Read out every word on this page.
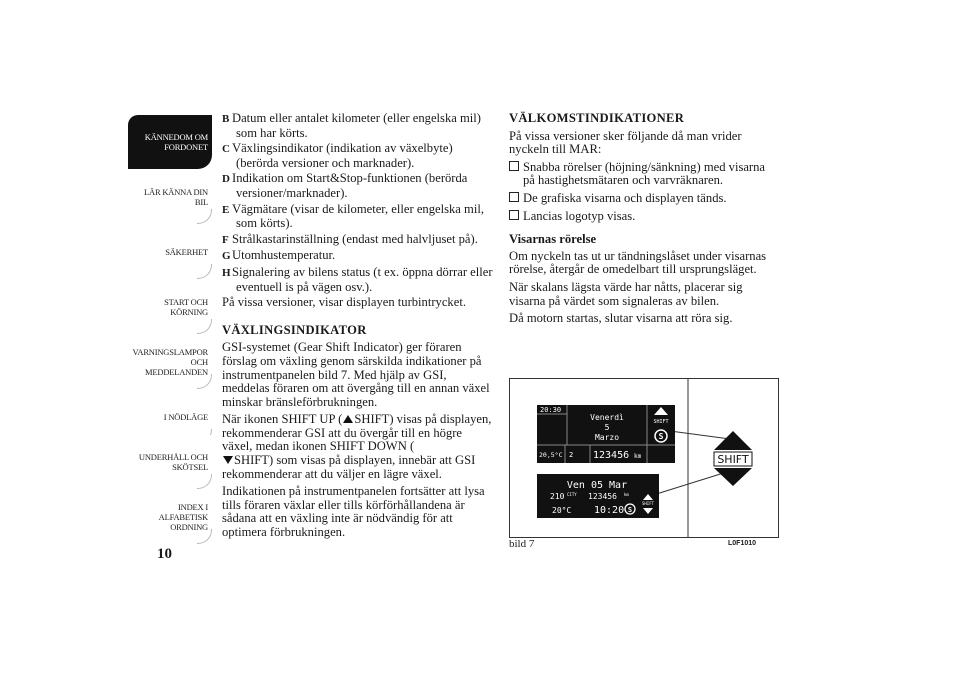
KÄNNEDOM OM
FORDONET
LÄR KÄNNA DIN
BIL
SÄKERHET
START OCH
KÖRNING
VARNINGSLAMPOR
OCH
MEDDELANDEN
I NÖDLÄGE
UNDERHÅLL OCH
SKÖTSEL
INDEX I
ALFABETISK
ORDNING
10
B Datum eller antalet kilometer (eller engelska mil) som har körts.
C Växlingsindikator (indikation av växelbyte) (berörda versioner och marknader).
D Indikation om Start&Stop-funktionen (berörda versioner/marknader).
E Vägmätare (visar de kilometer, eller engelska mil, som körts).
F Strålkastarinställning (endast med halvljuset på).
GUtomhustemperatur.
HSignalering av bilens status (t ex. öppna dörrar eller eventuell is på vägen osv.).

På vissa versioner, visar displayen turbintrycket.

VÄXLINGSINDIKATOR

GSI-systemet (Gear Shift Indicator) ger föraren förslag om växling genom särskilda indikationer på instrumentpanelen bild 7. Med hjälp av GSI, meddelas föraren om att övergång till en annan växel minskar bränsleförbrukningen.

När ikonen SHIFT UP ( SHIFT) visas på displayen, rekommenderar GSI att du övergår till en högre växel, medan ikonen SHIFT DOWN (
SHIFT) som visas på displayen, innebär att GSI rekommenderar att du väljer en lägre växel.

Indikationen på instrumentpanelen fortsätter att lysa tills föraren växlar eller tills körförhållandena är sådana att en växling inte är nödvändig för att optimera förbrukningen.

VÄLKOMSTINDIKATIONER

På vissa versioner sker följande då man vrider nyckeln till MAR:

Snabba rörelser (höjning/sänkning) med visarna på hastighetsmätaren och varvräknaren.
De grafiska visarna och displayen tänds.
Lancias logotyp visas.
Visarnas rörelse

Om nyckeln tas ut ur tändningslåset under visarnas rörelse, återgår de omedelbart till ursprungsläget.

När skalans lägsta värde har nåtts, placerar sig visarna på värdet som signaleras av bilen.

Då motorn startas, slutar visarna att röra sig.

20:30
Venerdì
5
Marzo
20,5°C 2 123456 km
SHIFT
S
Ven 05 Mar
210 CITY 123456 km
20°C 10:20 S
SHIFT
SHIFT
bild 7	L0F1010
